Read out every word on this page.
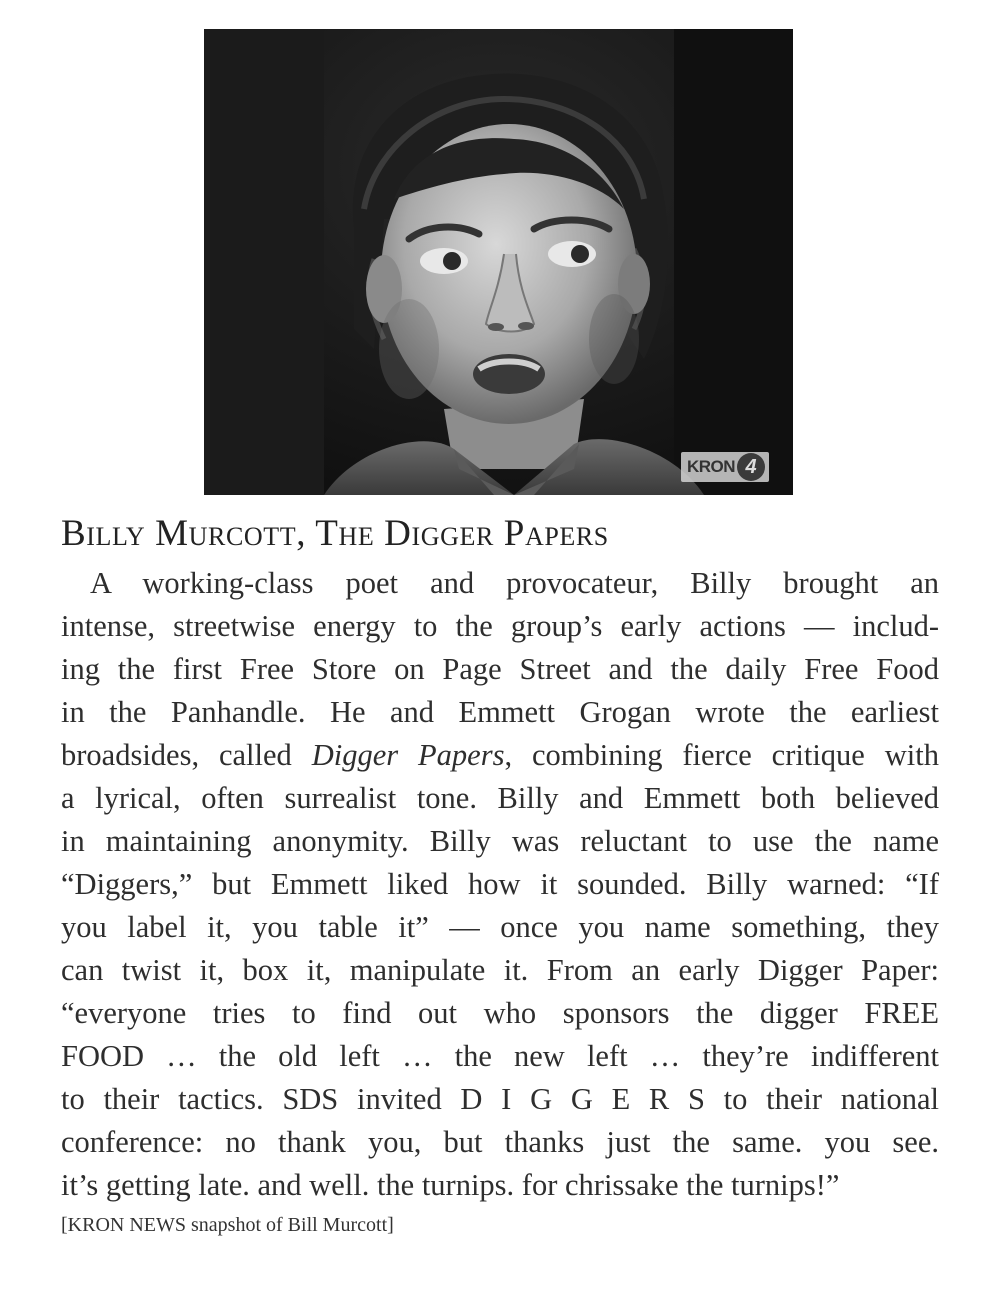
KRON 4
Billy Murcott, The Digger Papers
A working-class poet and provocateur, Billy brought an
intense, streetwise energy to the group’s early actions — includ-
ing the first Free Store on Page Street and the daily Free Food
in the Panhandle. He and Emmett Grogan wrote the earliest
broadsides, called Digger Papers, combining fierce critique with
a lyrical, often surrealist tone. Billy and Emmett both believed
in maintaining anonymity. Billy was reluctant to use the name
“Diggers,” but Emmett liked how it sounded. Billy warned: “If
you label it, you table it” — once you name something, they
can twist it, box it, manipulate it. From an early Digger Paper:
“everyone tries to find out who sponsors the digger FREE
FOOD … the old left … the new left … they’re indifferent
to their tactics. SDS invited D I G G E R S to their national
conference: no thank you, but thanks just the same. you see.
it’s getting late. and well. the turnips. for chrissake the turnips!”
[KRON NEWS snapshot of Bill Murcott]
